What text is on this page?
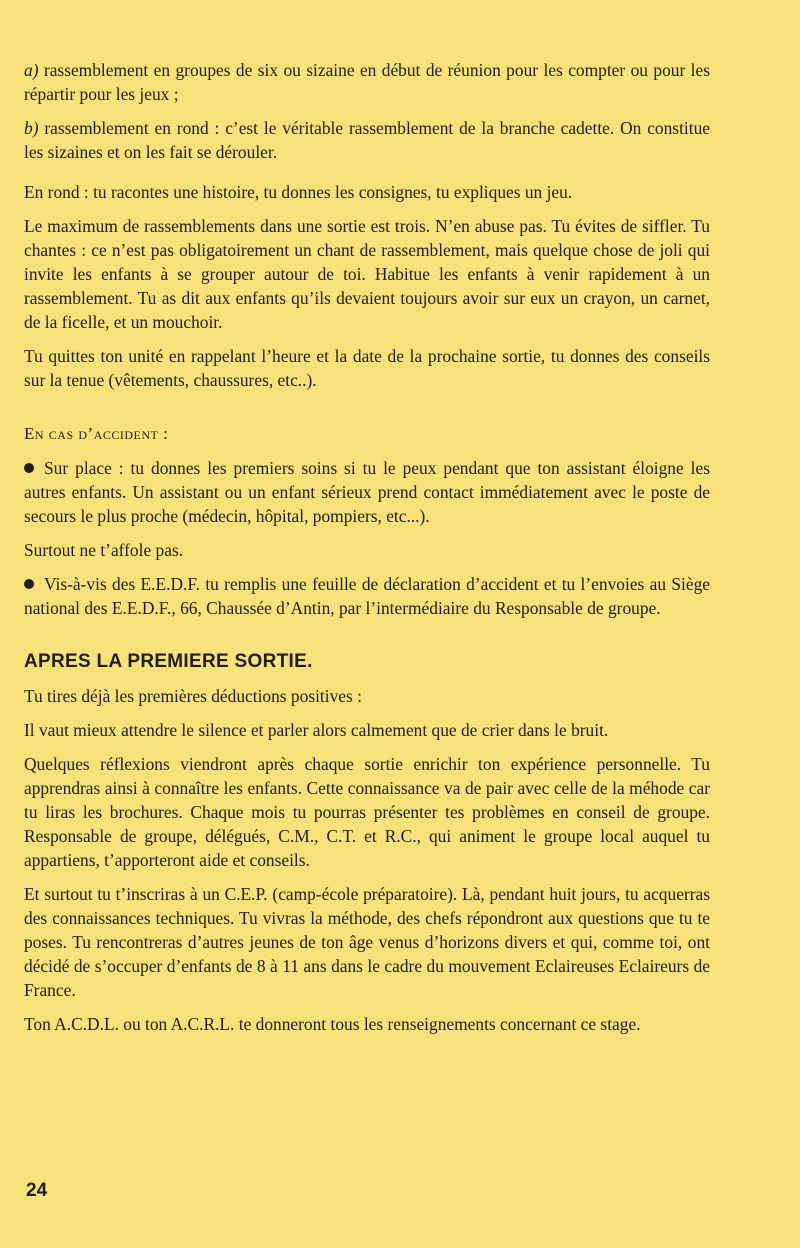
a) rassemblement en groupes de six ou sizaine en début de réunion pour les compter ou pour les répartir pour les jeux ;

b) rassemblement en rond : c’est le véritable rassemblement de la branche cadette. On constitue les sizaines et on les fait se dérouler.

En rond : tu racontes une histoire, tu donnes les consignes, tu expliques un jeu.

Le maximum de rassemblements dans une sortie est trois. N’en abuse pas. Tu évites de siffler. Tu chantes : ce n’est pas obligatoirement un chant de rassemblement, mais quelque chose de joli qui invite les enfants à se grouper autour de toi. Habitue les enfants à venir rapidement à un rassemblement. Tu as dit aux enfants qu’ils devaient toujours avoir sur eux un crayon, un carnet, de la ficelle, et un mouchoir.

Tu quittes ton unité en rappelant l’heure et la date de la prochaine sortie, tu donnes des conseils sur la tenue (vêtements, chaussures, etc..).

En cas d’accident :

Sur place : tu donnes les premiers soins si tu le peux pendant que ton assistant éloigne les autres enfants. Un assistant ou un enfant sérieux prend contact immédiatement avec le poste de secours le plus proche (médecin, hôpital, pompiers, etc...).

Surtout ne t’affole pas.

Vis-à-vis des E.E.D.F. tu remplis une feuille de déclaration d’accident et tu l’envoies au Siège national des E.E.D.F., 66, Chaussée d’Antin, par l’intermédiaire du Responsable de groupe.

APRES LA PREMIERE SORTIE.

Tu tires déjà les premières déductions positives :

Il vaut mieux attendre le silence et parler alors calmement que de crier dans le bruit.

Quelques réflexions viendront après chaque sortie enrichir ton expérience personnelle. Tu apprendras ainsi à connaître les enfants. Cette connaissance va de pair avec celle de la méhode car tu liras les brochures. Chaque mois tu pourras présenter tes problèmes en conseil de groupe. Responsable de groupe, délégués, C.M., C.T. et R.C., qui animent le groupe local auquel tu appartiens, t’apporteront aide et conseils.

Et surtout tu t’inscriras à un C.E.P. (camp-école préparatoire). Là, pendant huit jours, tu acquerras des connaissances techniques. Tu vivras la méthode, des chefs répondront aux questions que tu te poses. Tu rencontreras d’autres jeunes de ton âge venus d’horizons divers et qui, comme toi, ont décidé de s’occuper d’enfants de 8 à 11 ans dans le cadre du mouvement Eclaireuses Eclaireurs de France.

Ton A.C.D.L. ou ton A.C.R.L. te donneront tous les renseignements concernant ce stage.

24
